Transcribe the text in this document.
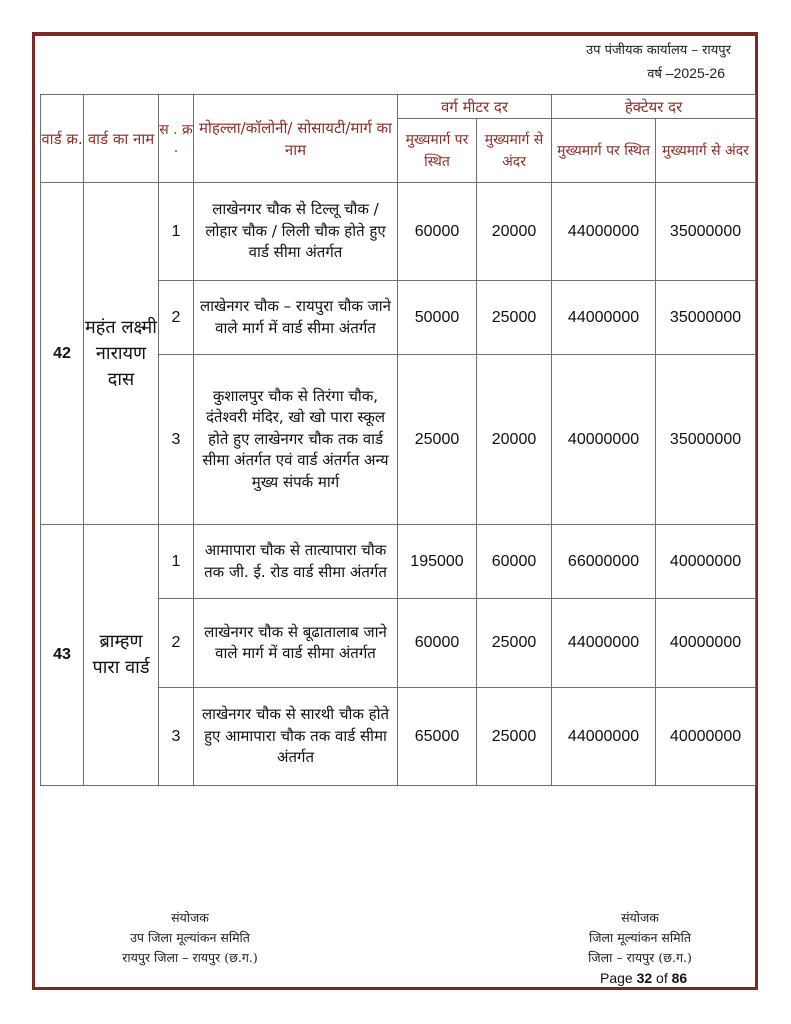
उप पंजीयक कार्यालय – रायपुर
वर्ष –2025-26
वार्ड क्र.	वार्ड का नाम	स . क्र .	मोहल्ला/कॉलोनी/ सोसायटी/मार्ग का नाम	वर्ग मीटर दर		हेक्टेयर दर	
				मुख्यमार्ग पर स्थित	मुख्यमार्ग से अंदर	मुख्यमार्ग पर स्थित	मुख्यमार्ग से अंदर
42	महंत लक्ष्मी नारायण दास	1	लाखेनगर चौक से टिल्लू चौक / लोहार चौक / लिली चौक होते हुए वार्ड सीमा अंतर्गत	60000	20000	44000000	35000000
		2	लाखेनगर चौक – रायपुरा चौक जाने वाले मार्ग में वार्ड सीमा अंतर्गत	50000	25000	44000000	35000000
		3	कुशालपुर चौक से तिरंगा चौक, दंतेश्वरी मंदिर, खो खो पारा स्कूल होते हुए लाखेनगर चौक तक वार्ड सीमा अंतर्गत एवं वार्ड अंतर्गत अन्य मुख्य संपर्क मार्ग	25000	20000	40000000	35000000
43	ब्राम्हण पारा वार्ड	1	आमापारा चौक से तात्यापारा चौक तक जी. ई. रोड वार्ड सीमा अंतर्गत	195000	60000	66000000	40000000
		2	लाखेनगर चौक से बूढातालाब जाने वाले मार्ग में वार्ड सीमा अंतर्गत	60000	25000	44000000	40000000
		3	लाखेनगर चौक से सारथी चौक होते हुए आमापारा चौक तक वार्ड सीमा अंतर्गत	65000	25000	44000000	40000000
संयोजक
उप जिला मूल्यांकन समिति
रायपुर जिला – रायपुर (छ.ग.)
संयोजक
जिला मूल्यांकन समिति
जिला – रायपुर (छ.ग.)
Page 32 of 86
